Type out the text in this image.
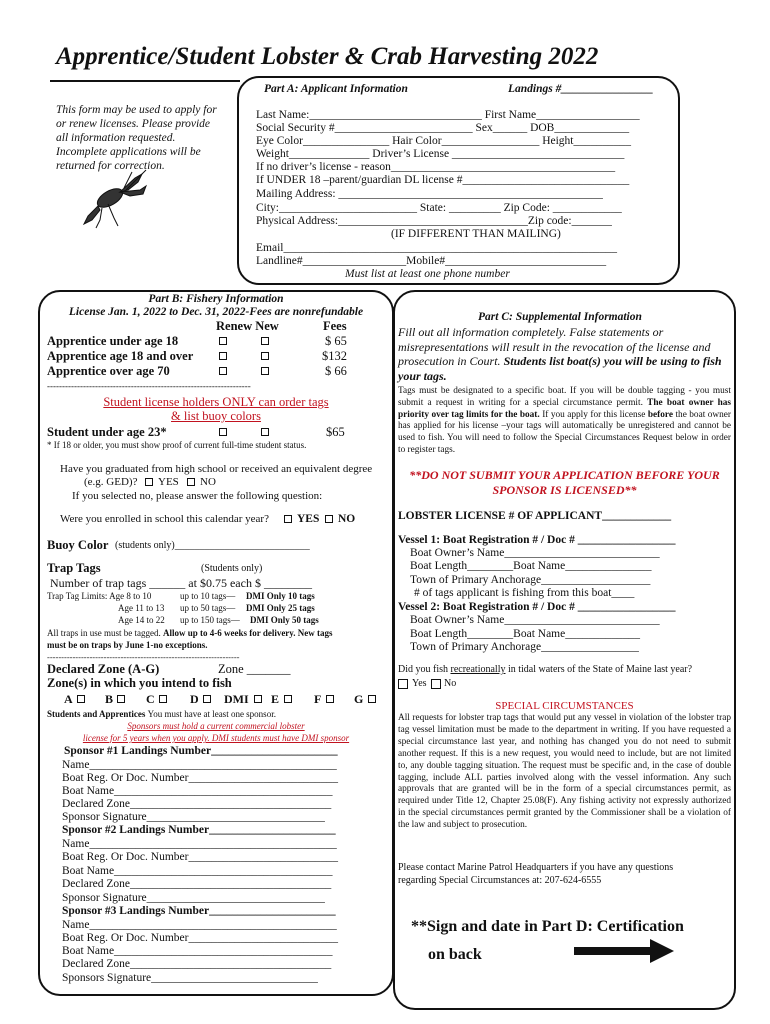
Apprentice/Student Lobster & Crab Harvesting 2022
This form may be used to apply for
or renew licenses. Please provide
all information requested.
Incomplete applications will be
returned for correction.
Part A: Applicant Information	Landings #________________
Last Name:______________________________ First Name__________________
Social Security #________________________ Sex______ DOB_____________
Eye Color_______________ Hair Color_________________ Height__________
Weight______________ Driver’s License ______________________________
If no driver’s license - reason_______________________________________
If UNDER 18 –parent/guardian DL license #_____________________________
Mailing Address: ______________________________________________
City:________________________ State: _________ Zip Code: ____________
Physical Address:_________________________________Zip code:_______
(IF DIFFERENT THAN MAILING)
Email__________________________________________________________
Landline#__________________Mobile#____________________________
Must list at least one phone number
Part B: Fishery Information
License Jan. 1, 2022 to Dec. 31, 2022-Fees are nonrefundable
Renew New	Fees
Apprentice under age 18	$ 65
Apprentice age 18 and over	$132
Apprentice over age 70	$ 66
--------------------------------------------------------------------
Student license holders ONLY can order tags
& list buoy colors
Student under age 23*	$65
* If 18 or older, you must show proof of current full-time student status.
Have you graduated from high school or received an equivalent degree
(e.g. GED)? YES NO
If you selected no, please answer the following question:
Were you enrolled in school this calendar year? YES NO
Buoy Color (students only)___________________________
Trap Tags	(Students only)
Number of trap tags ______ at $0.75 each $ ________
Trap Tag Limits: Age 8 to 10	up to 10 tags— DMI Only 10 tags
Age 11 to 13 up to 50 tags— DMI Only 25 tags
Age 14 to 22 up to 150 tags— DMI Only 50 tags
All traps in use must be tagged. Allow up to 4-6 weeks for delivery. New tags
must be on traps by June 1-no exceptions.
--------------------------------------------------------------------
Declared Zone (A-G)	Zone _______
Zone(s) in which you intend to fish
A	B	C	D DMI E	F	G
Students and Apprentices You must have at least one sponsor.
Sponsors must hold a current commercial lobster
license for 5 years when you apply. DMI students must have DMI sponsor
Sponsor #1 Landings Number______________________
Name___________________________________________
Boat Reg. Or Doc. Number__________________________
Boat Name______________________________________
Declared Zone___________________________________
Sponsor Signature_______________________________
Sponsor #2 Landings Number______________________
Name___________________________________________
Boat Reg. Or Doc. Number__________________________
Boat Name______________________________________
Declared Zone___________________________________
Sponsor Signature_______________________________
Sponsor #3 Landings Number______________________
Name___________________________________________
Boat Reg. Or Doc. Number__________________________
Boat Name______________________________________
Declared Zone___________________________________
Sponsors Signature_____________________________
Part C: Supplemental Information
Fill out all information completely. False statements or misrepresentations will result in the revocation of the license and prosecution in Court. Students list boat(s) you will be using to fish your tags.
Tags must be designated to a specific boat. If you will be double tagging - you must submit a request in writing for a special circumstance permit. The boat owner has priority over tag limits for the boat. If you apply for this license before the boat owner has applied for his license –your tags will automatically be unregistered and cannot be used to fish. You will need to follow the Special Circumstances Request below in order to register tags.
**DO NOT SUBMIT YOUR APPLICATION BEFORE YOUR
SPONSOR IS LICENSED**
LOBSTER LICENSE # OF APPLICANT____________
Vessel 1: Boat Registration # / Doc # _________________
Boat Owner’s Name___________________________
Boat Length________Boat Name_______________
Town of Primary Anchorage___________________
# of tags applicant is fishing from this boat____
Vessel 2: Boat Registration # / Doc # _________________
Boat Owner’s Name___________________________
Boat Length________Boat Name_____________
Town of Primary Anchorage_________________
Did you fish recreationally in tidal waters of the State of Maine last year?
Yes No
SPECIAL CIRCUMSTANCES
All requests for lobster trap tags that would put any vessel in violation of the lobster trap tag vessel limitation must be made to the department in writing. If you have requested a special circumstance last year, and nothing has changed you do not need to submit another request. If this is a new request, you would need to include, but are not limited to, any double tagging situation. The request must be specific and, in the case of double tagging, include ALL parties involved along with the vessel information. Any such approvals that are granted will be in the form of a special circumstances permit, as required under Title 12, Chapter 25.08(F). Any fishing activity not expressly authorized in the special circumstances permit granted by the Commissioner shall be a violation of the law and subject to prosecution.
Please contact Marine Patrol Headquarters if you have any questions
regarding Special Circumstances at: 207-624-6555
**Sign and date in Part D: Certification
on back
